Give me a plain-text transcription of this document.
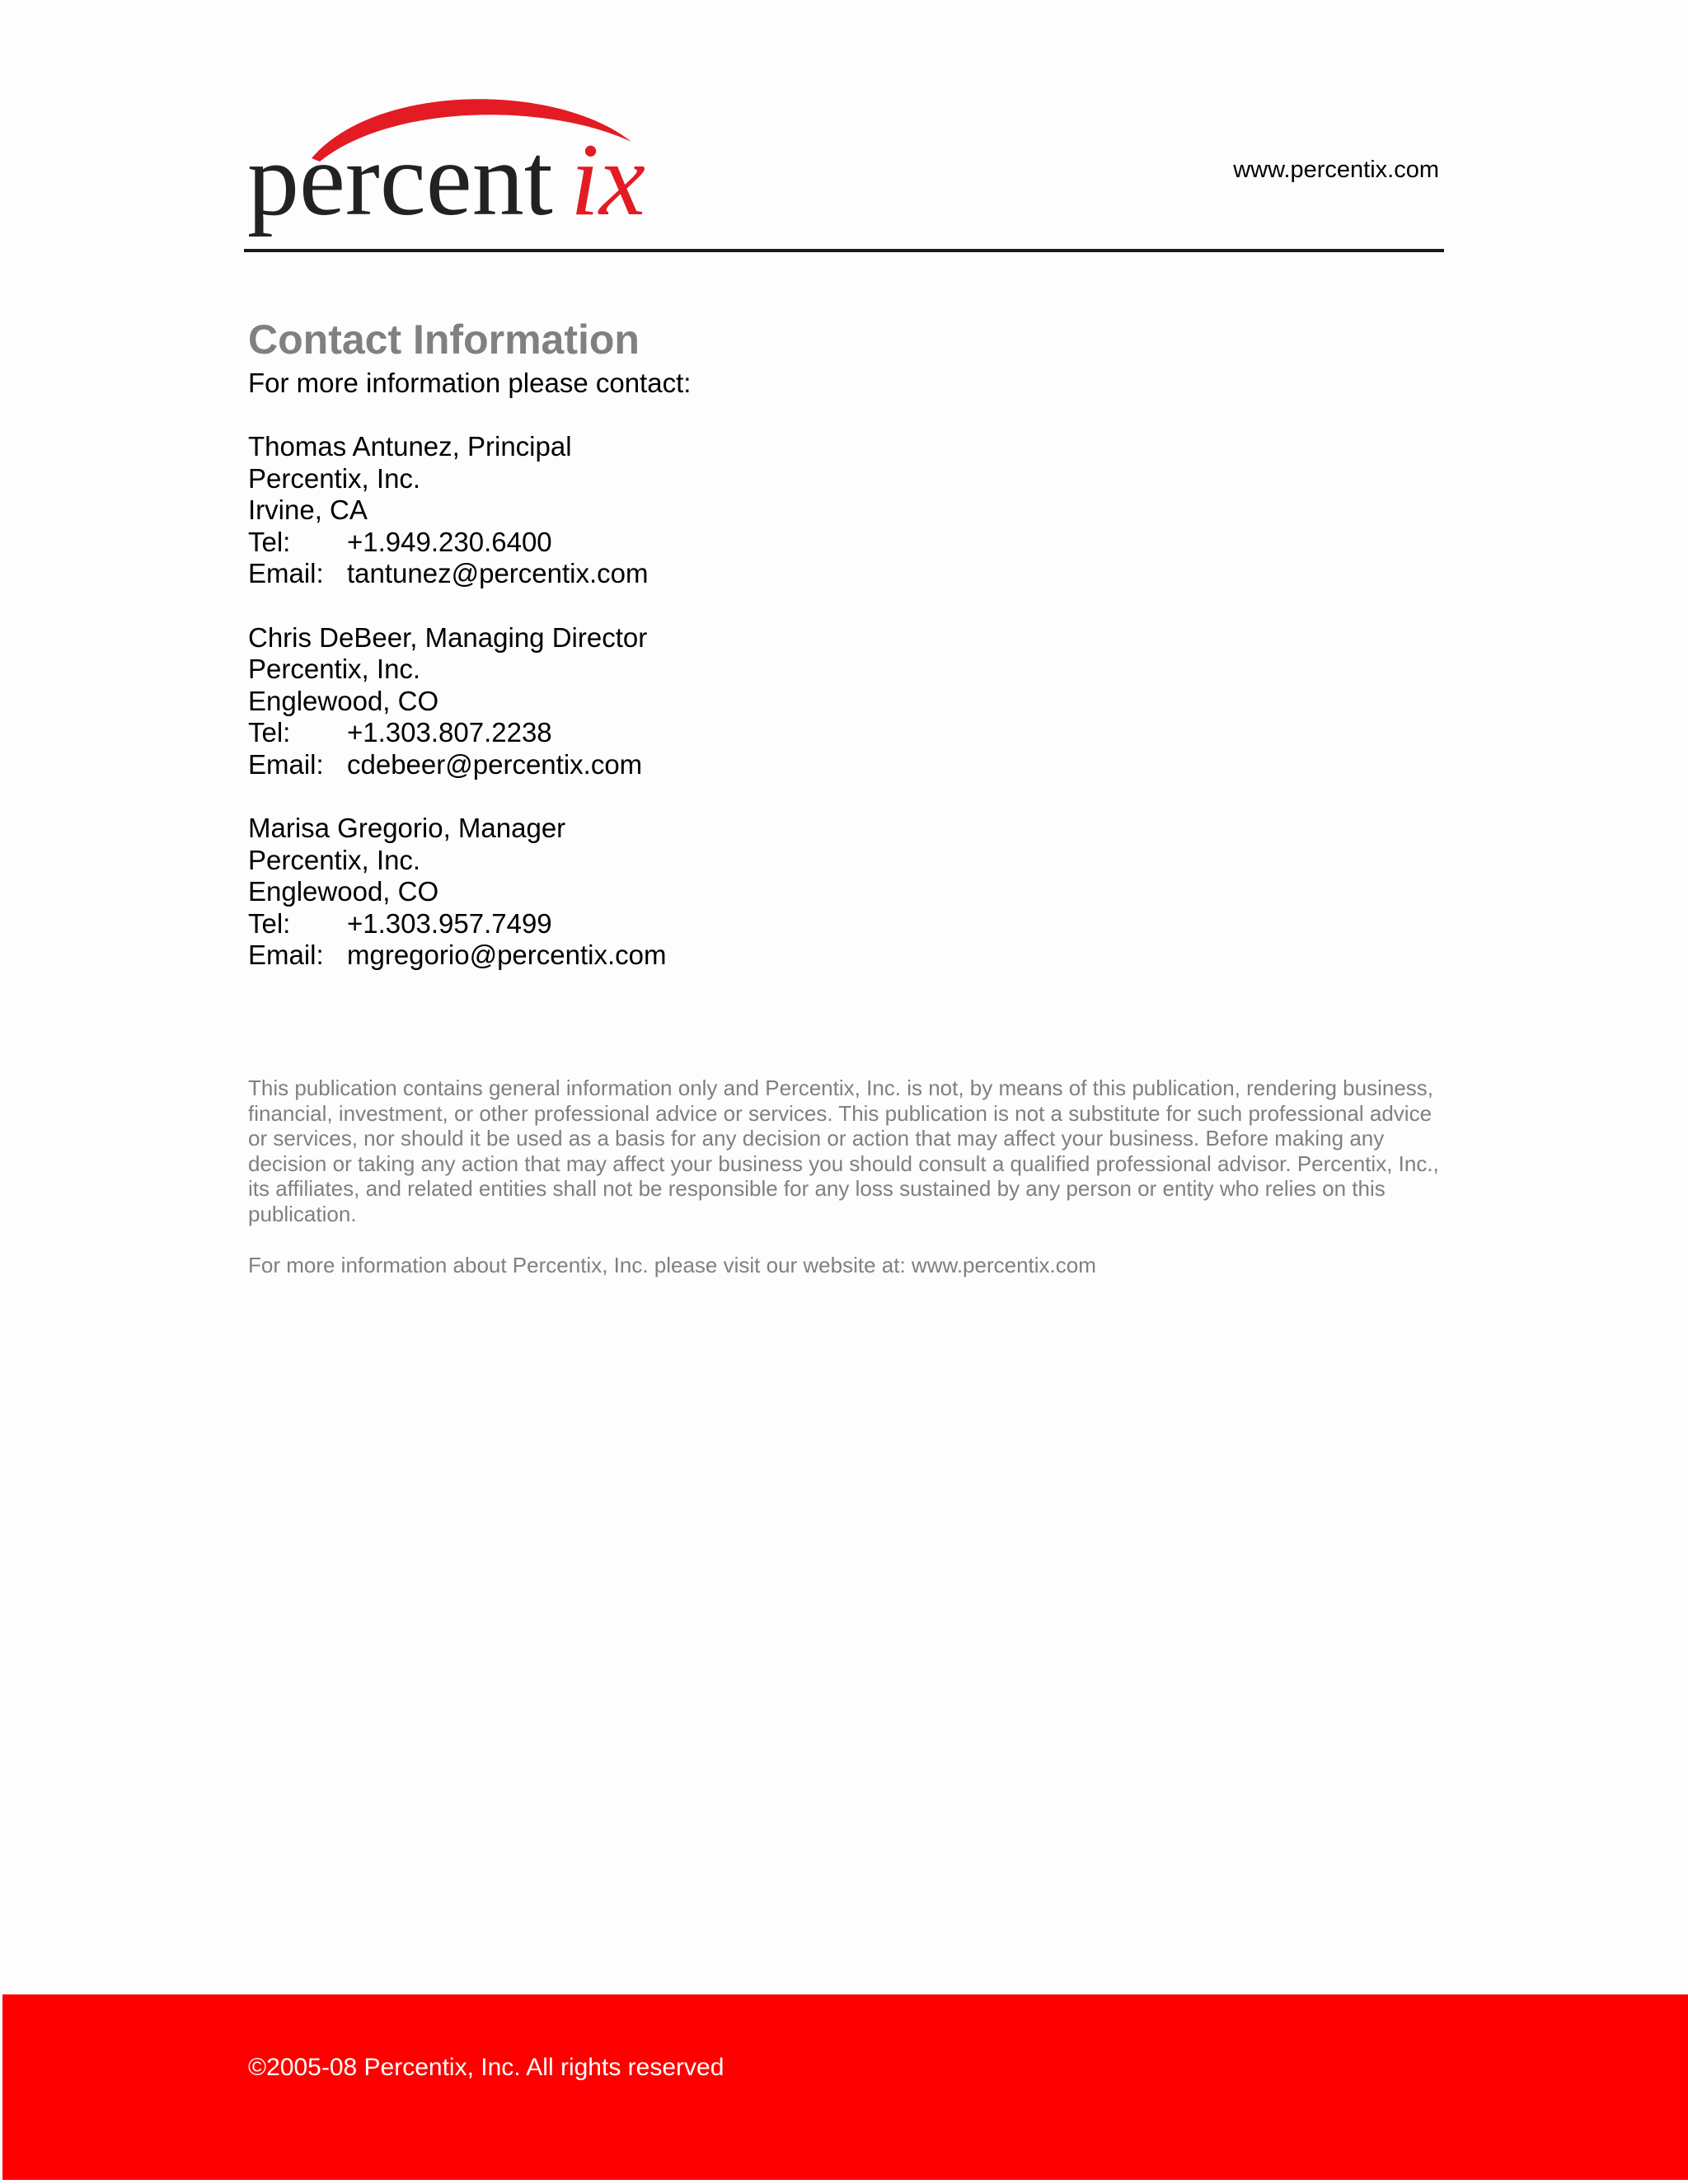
percent ix	www.percentix.com
Contact Information

For more information please contact:

Thomas Antunez, Principal
Percentix, Inc.
Irvine, CA
Tel: +1.949.230.6400
Email: tantunez@percentix.com
Chris DeBeer, Managing Director
Percentix, Inc.
Englewood, CO
Tel: +1.303.807.2238
Email: cdebeer@percentix.com
Marisa Gregorio, Manager
Percentix, Inc.
Englewood, CO
Tel: +1.303.957.7499
Email: mgregorio@percentix.com

This publication contains general information only and Percentix, Inc. is not, by means of this publication, rendering business, financial, investment, or other professional advice or services. This publication is not a substitute for such professional advice or services, nor should it be used as a basis for any decision or action that may affect your business. Before making any decision or taking any action that may affect your business you should consult a qualified professional advisor. Percentix, Inc., its affiliates, and related entities shall not be responsible for any loss sustained by any person or entity who relies on this publication.

For more information about Percentix, Inc. please visit our website at: www.percentix.com
©2005-08 Percentix, Inc. All rights reserved
